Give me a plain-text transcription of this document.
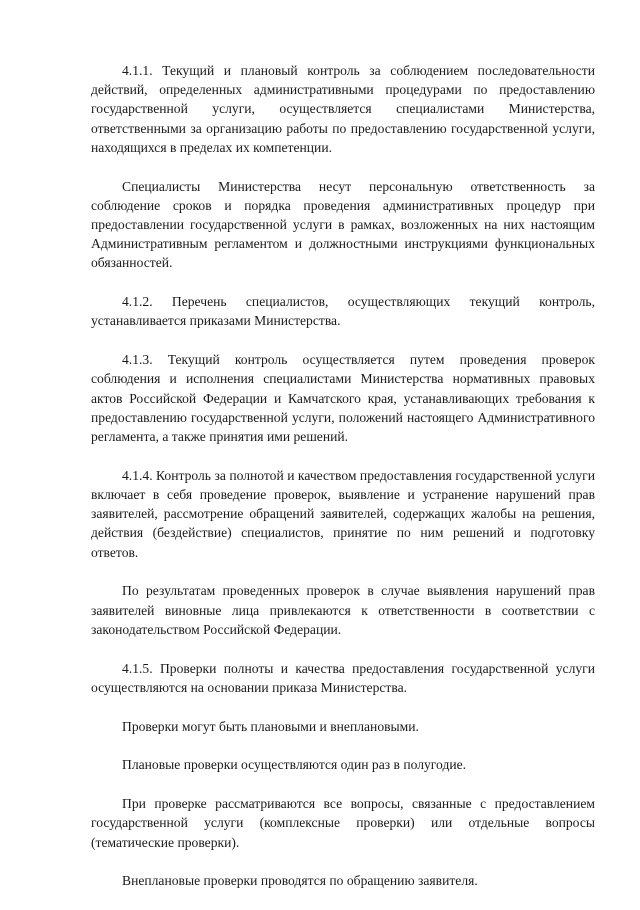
4.1.1. Текущий и плановый контроль за соблюдением последовательности действий, определенных административными процедурами по предоставлению государственной услуги, осуществляется специалистами Министерства, ответственными за организацию работы по предоставлению государственной услуги, находящихся в пределах их компетенции.

Специалисты Министерства несут персональную ответственность за соблюдение сроков и порядка проведения административных процедур при предоставлении государственной услуги в рамках, возложенных на них настоящим Административным регламентом и должностными инструкциями функциональных обязанностей.

4.1.2. Перечень специалистов, осуществляющих текущий контроль, устанавливается приказами Министерства.

4.1.3. Текущий контроль осуществляется путем проведения проверок соблюдения и исполнения специалистами Министерства нормативных правовых актов Российской Федерации и Камчатского края, устанавливающих требования к предоставлению государственной услуги, положений настоящего Административного регламента, а также принятия ими решений.

4.1.4. Контроль за полнотой и качеством предоставления государственной услуги включает в себя проведение проверок, выявление и устранение нарушений прав заявителей, рассмотрение обращений заявителей, содержащих жалобы на решения, действия (бездействие) специалистов, принятие по ним решений и подготовку ответов.

По результатам проведенных проверок в случае выявления нарушений прав заявителей виновные лица привлекаются к ответственности в соответствии с законодательством Российской Федерации.

4.1.5. Проверки полноты и качества предоставления государственной услуги осуществляются на основании приказа Министерства.

Проверки могут быть плановыми и внеплановыми.

Плановые проверки осуществляются один раз в полугодие.

При проверке рассматриваются все вопросы, связанные с предоставлением государственной услуги (комплексные проверки) или отдельные вопросы (тематические проверки).

Внеплановые проверки проводятся по обращению заявителя.
